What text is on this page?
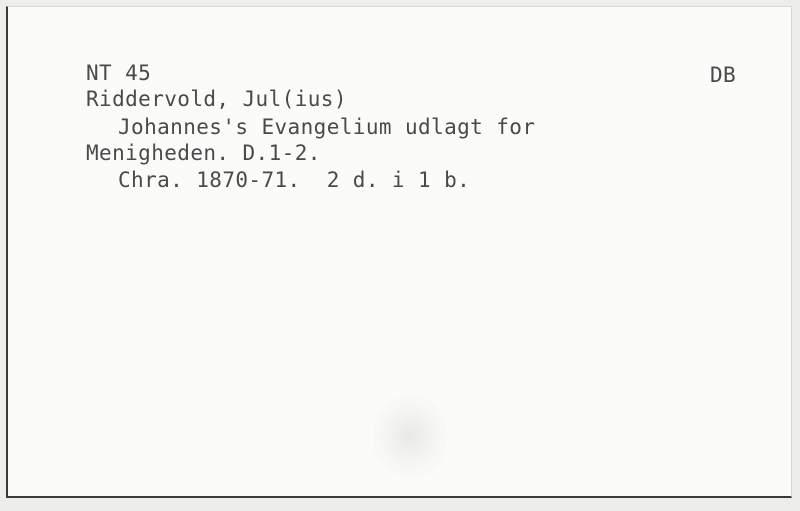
NT 45	DB
Riddervold, Jul(ius)
Johannes's Evangelium udlagt for
Menigheden. D.1-2.
Chra. 1870-71.  2 d. i 1 b.
